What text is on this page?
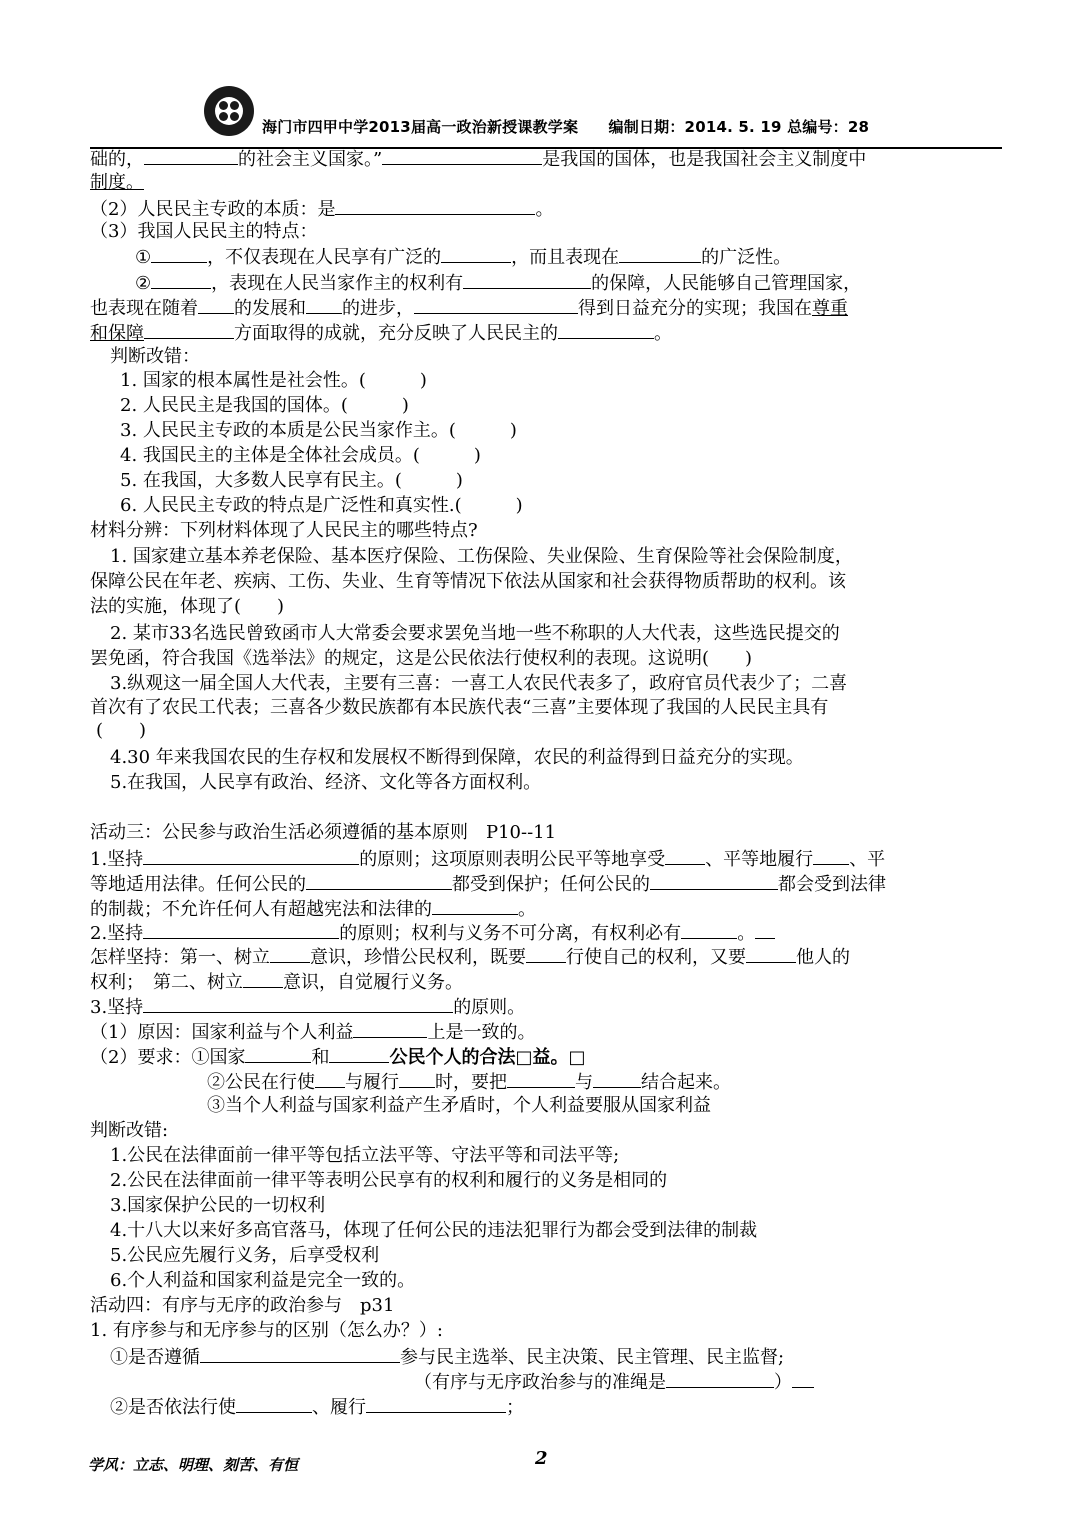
海门市四甲中学2013届高一政治新授课教学案　　编制日期：2014. 5. 19 总编号：28
础的，	的社会主义国家。”	是我国的国体，也是我国社会主义制度中
制度。
（2）人民民主专政的本质：是	。
（3）我国人民民主的特点：
①	，不仅表现在人民享有广泛的	，而且表现在	的广泛性。
②	，表现在人民当家作主的权利有	的保障，人民能够自己管理国家，
也表现在随着 的发展和 的进步，	得到日益充分的实现；我国在尊重
和保障	方面取得的成就，充分反映了人民民主的	。
判断改错：
1. 国家的根本属性是社会性。(　　　)
2. 人民民主是我国的国体。(　　　)
3. 人民民主专政的本质是公民当家作主。(　　　)
4. 我国民主的主体是全体社会成员。(　　　)
5. 在我国，大多数人民享有民主。(　　　)
6. 人民民主专政的特点是广泛性和真实性.(　　　)
材料分辨：下列材料体现了人民民主的哪些特点?
1. 国家建立基本养老保险、基本医疗保险、工伤保险、失业保险、生育保险等社会保险制度，
保障公民在年老、疾病、工伤、失业、生育等情况下依法从国家和社会获得物质帮助的权利。该
法的实施，体现了(　　)
2. 某市33名选民曾致函市人大常委会要求罢免当地一些不称职的人大代表，这些选民提交的
罢免函，符合我国《选举法》的规定，这是公民依法行使权利的表现。这说明(　　)
3.纵观这一届全国人大代表，主要有三喜：一喜工人农民代表多了，政府官员代表少了；二喜
首次有了农民工代表；三喜各少数民族都有本民族代表“三喜”主要体现了我国的人民民主具有
(　　)
4.30 年来我国农民的生存权和发展权不断得到保障，农民的利益得到日益充分的实现。
5.在我国，人民享有政治、经济、文化等各方面权利。
活动三：公民参与政治生活必须遵循的基本原则　P10--11
1.坚持	的原则；这项原则表明公民平等地享受 、平等地履行 、平
等地适用法律。任何公民的	都受到保护；任何公民的	都会受到法律
的制裁；不允许任何人有超越宪法和法律的	。
2.坚持	的原则；权利与义务不可分离，有权利必有	。
怎样坚持：第一、树立 意识，珍惜公民权利，既要 行使自己的权利，又要	他人的
权利；　第二、树立 意识，自觉履行义务。
3.坚持	的原则。
（1）原因：国家利益与个人利益	上是一致的。
（2）要求：①国家	和	公民个人的合法□益。□
②公民在行使 与履行 时，要把	与	结合起来。
③当个人利益与国家利益产生矛盾时，个人利益要服从国家利益
判断改错:
1.公民在法律面前一律平等包括立法平等、守法平等和司法平等;
2.公民在法律面前一律平等表明公民享有的权利和履行的义务是相同的
3.国家保护公民的一切权利
4.十八大以来好多高官落马，体现了任何公民的违法犯罪行为都会受到法律的制裁
5.公民应先履行义务，后享受权利
6.个人利益和国家利益是完全一致的。
活动四：有序与无序的政治参与　p31
1. 有序参与和无序参与的区别（怎么办？）:
①是否遵循	参与民主选举、民主决策、民主管理、民主监督;
（有序与无序政治参与的准绳是	）
②是否依法行使	、履行	；
学风：立志、明理、刻苦、有恒	2
